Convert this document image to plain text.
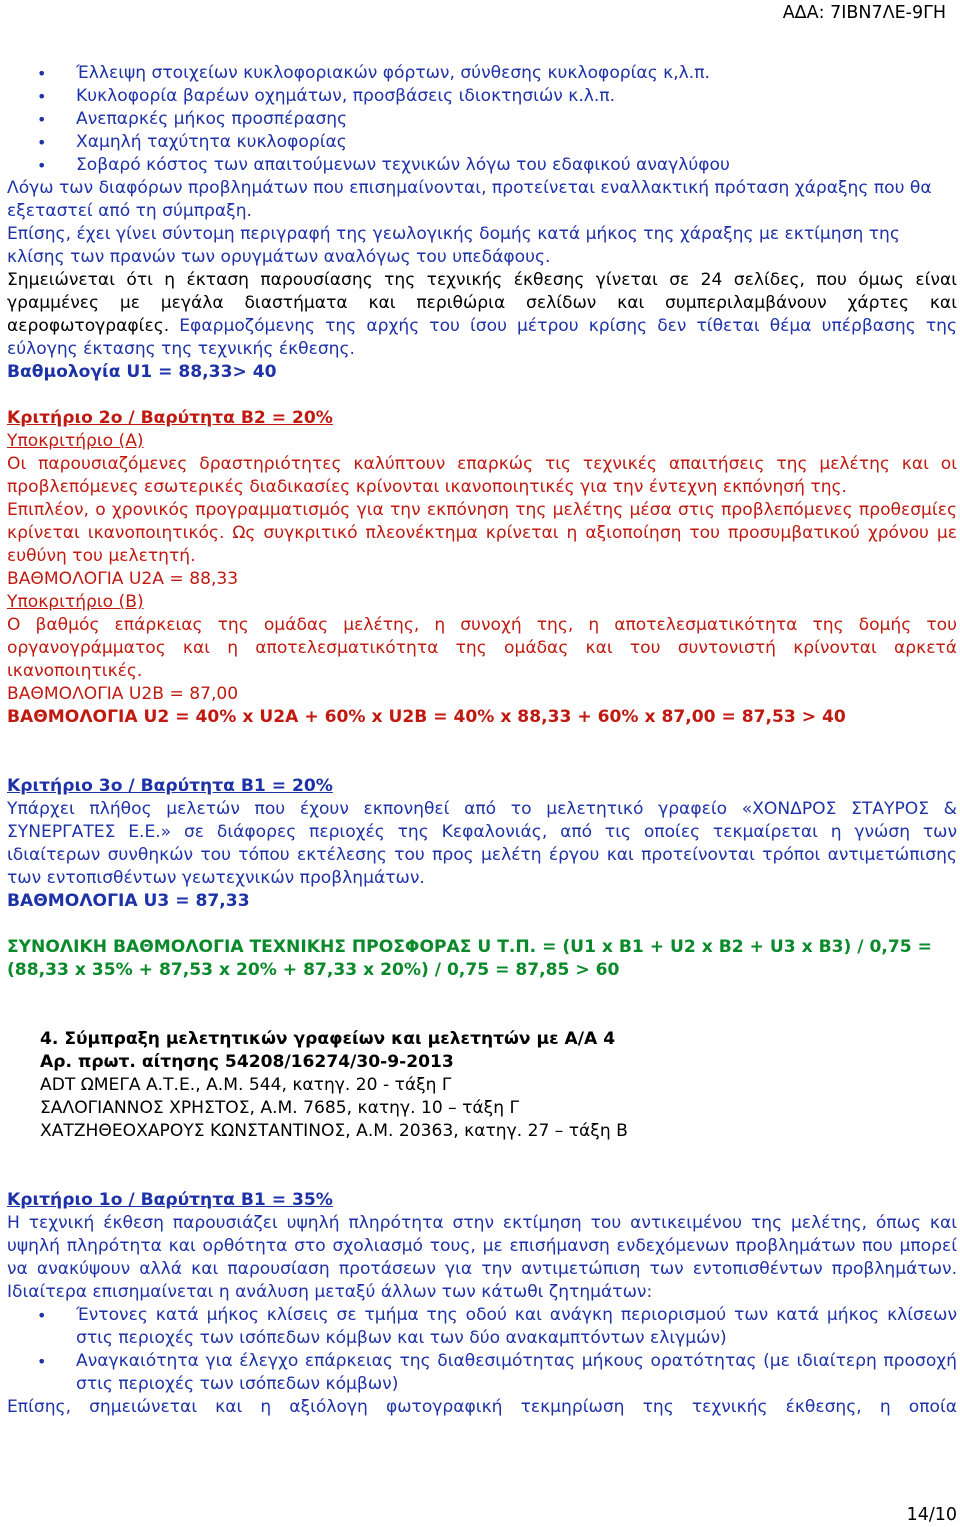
ΑΔΑ: 7ΙΒΝ7ΛΕ-9ΓΗ
• Έλλειψη στοιχείων κυκλοφοριακών φόρτων, σύνθεσης κυκλοφορίας κ,λ.π.
• Κυκλοφορία βαρέων οχημάτων, προσβάσεις ιδιοκτησιών κ.λ.π.
• Ανεπαρκές μήκος προσπέρασης
• Χαμηλή ταχύτητα κυκλοφορίας
• Σοβαρό κόστος των απαιτούμενων τεχνικών λόγω του εδαφικού αναγλύφου

Λόγω των διαφόρων προβλημάτων που επισημαίνονται, προτείνεται εναλλακτική πρόταση χάραξης που θα εξεταστεί από τη σύμπραξη.

Επίσης, έχει γίνει σύντομη περιγραφή της γεωλογικής δομής κατά μήκος της χάραξης με εκτίμηση της κλίσης των πρανών των ορυγμάτων αναλόγως του υπεδάφους.

Σημειώνεται ότι η έκταση παρουσίασης της τεχνικής έκθεσης γίνεται σε 24 σελίδες, που όμως είναι γραμμένες με μεγάλα διαστήματα και περιθώρια σελίδων και συμπεριλαμβάνουν χάρτες και αεροφωτογραφίες. Εφαρμοζόμενης της αρχής του ίσου μέτρου κρίσης δεν τίθεται θέμα υπέρβασης της εύλογης έκτασης της τεχνικής έκθεσης.

Βαθμολογία U1 = 88,33> 40

Κριτήριο 2ο / Βαρύτητα Β2 = 20%

Υποκριτήριο (Α)

Οι παρουσιαζόμενες δραστηριότητες καλύπτουν επαρκώς τις τεχνικές απαιτήσεις της μελέτης και οι προβλεπόμενες εσωτερικές διαδικασίες κρίνονται ικανοποιητικές για την έντεχνη εκπόνησή της.

Επιπλέον, ο χρονικός προγραμματισμός για την εκπόνηση της μελέτης μέσα στις προβλεπόμενες προθεσμίες κρίνεται ικανοποιητικός. Ως συγκριτικό πλεονέκτημα κρίνεται η αξιοποίηση του προσυμβατικού χρόνου με ευθύνη του μελετητή.

ΒΑΘΜΟΛΟΓΙΑ U2A = 88,33

Υποκριτήριο (Β)

Ο βαθμός επάρκειας της ομάδας μελέτης, η συνοχή της, η αποτελεσματικότητα της δομής του οργανογράμματος και η αποτελεσματικότητα της ομάδας και του συντονιστή κρίνονται αρκετά ικανοποιητικές.

ΒΑΘΜΟΛΟΓΙΑ U2B = 87,00

ΒΑΘΜΟΛΟΓΙΑ U2 = 40% x U2A + 60% x U2B = 40% x 88,33 + 60% x 87,00 = 87,53 > 40

Κριτήριο 3ο / Βαρύτητα Β1 = 20%

Υπάρχει πλήθος μελετών που έχουν εκπονηθεί από το μελετητικό γραφείο «ΧΟΝΔΡΟΣ ΣΤΑΥΡΟΣ & ΣΥΝΕΡΓΑΤΕΣ Ε.Ε.» σε διάφορες περιοχές της Κεφαλονιάς, από τις οποίες τεκμαίρεται η γνώση των ιδιαίτερων συνθηκών του τόπου εκτέλεσης του προς μελέτη έργου και προτείνονται τρόποι αντιμετώπισης των εντοπισθέντων γεωτεχνικών προβλημάτων.

ΒΑΘΜΟΛΟΓΙΑ U3 = 87,33

ΣΥΝΟΛΙΚΗ ΒΑΘΜΟΛΟΓΙΑ ΤΕΧΝΙΚΗΣ ΠΡΟΣΦΟΡΑΣ U Τ.Π. = (U1 x B1 + U2 x B2 + U3 x B3) / 0,75 = (88,33 x 35% + 87,53 x 20% + 87,33 x 20%) / 0,75 = 87,85 > 60

4. Σύμπραξη μελετητικών γραφείων και μελετητών με Α/Α 4

Αρ. πρωτ. αίτησης 54208/16274/30-9-2013

ADT ΩΜΕΓΑ Α.Τ.Ε., Α.Μ. 544, κατηγ. 20 - τάξη Γ

ΣΑΛΟΓΙΑΝΝΟΣ ΧΡΗΣΤΟΣ, Α.Μ. 7685, κατηγ. 10 – τάξη Γ

ΧΑΤΖΗΘΕΟΧΑΡΟΥΣ ΚΩΝΣΤΑΝΤΙΝΟΣ, Α.Μ. 20363, κατηγ. 27 – τάξη Β

Κριτήριο 1ο / Βαρύτητα Β1 = 35%

Η τεχνική έκθεση παρουσιάζει υψηλή πληρότητα στην εκτίμηση του αντικειμένου της μελέτης, όπως και υψηλή πληρότητα και ορθότητα στο σχολιασμό τους, με επισήμανση ενδεχόμενων προβλημάτων που μπορεί να ανακύψουν αλλά και παρουσίαση προτάσεων για την αντιμετώπιση των εντοπισθέντων προβλημάτων. Ιδιαίτερα επισημαίνεται η ανάλυση μεταξύ άλλων των κάτωθι ζητημάτων:

• Έντονες κατά μήκος κλίσεις σε τμήμα της οδού και ανάγκη περιορισμού των κατά μήκος κλίσεων στις περιοχές των ισόπεδων κόμβων και των δύο ανακαμπτόντων ελιγμών)
• Αναγκαιότητα για έλεγχο επάρκειας της διαθεσιμότητας μήκους ορατότητας (με ιδιαίτερη προσοχή στις περιοχές των ισόπεδων κόμβων)

Επίσης, σημειώνεται και η αξιόλογη φωτογραφική τεκμηρίωση της τεχνικής έκθεσης, η οποία

14/10
